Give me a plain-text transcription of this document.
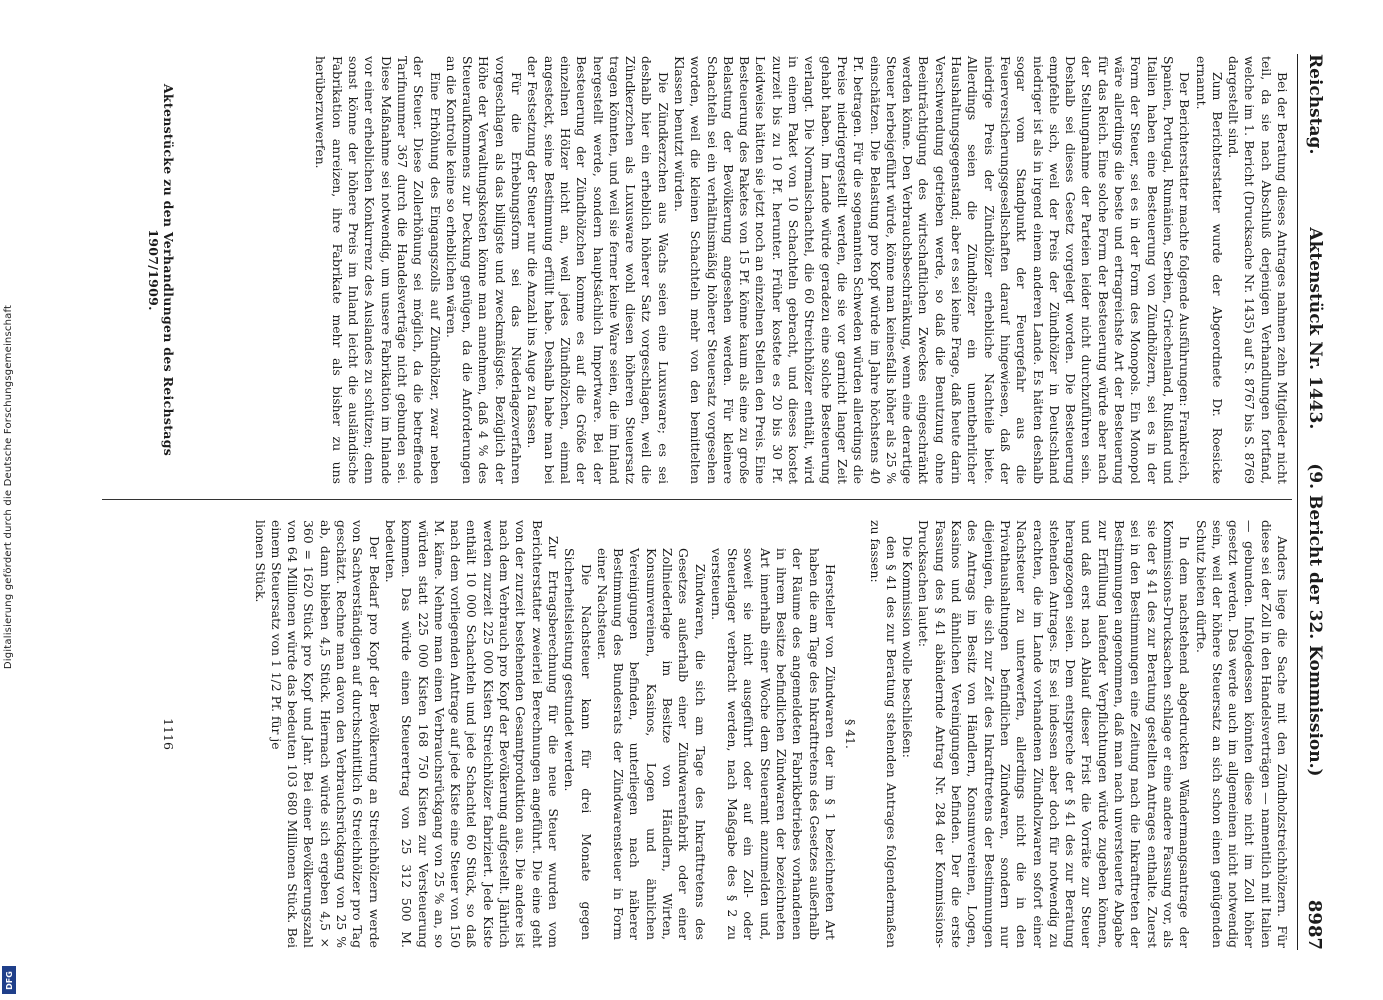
Digitalisierung gefördert durch die Deutsche Forschungsgemeinschaft
DFG
Reichstag.
Aktenstück Nr. 1443.(9. Bericht der 32. Kommission.)
8987

Bei der Beratung dieses Antrages nahmen zehn Mitglieder nicht teil, da sie nach Abschluß derjenigen Verhandlungen fortfand, welche im 1. Bericht (Drucksache Nr. 1435) auf S. 8767 bis S. 8769 dargestellt sind.

Zum Berichterstatter wurde der Abgeordnete Dr. Roesicke ernannt.

Der Berichterstatter machte folgende Ausführungen: Frankreich, Spanien, Portugal, Rumänien, Serbien, Griechenland, Rußland und Italien haben eine Besteuerung von Zündhölzern, sei es in der Form der Steuer, sei es in der Form des Monopols. Ein Monopol wäre allerdings die beste und ertragreichste Art der Besteuerung für das Reich. Eine solche Form der Besteuerung würde aber nach der Stellungnahme der Parteien leider nicht durchzuführen sein. Deshalb sei dieses Gesetz vorgelegt worden. Die Besteuerung empfehle sich, weil der Preis der Zündhölzer in Deutschland niedriger ist als in irgend einem anderen Lande. Es hätten deshalb sogar vom Standpunkt der Feuergefahr aus die Feuerversicherungsgesellschaften darauf hingewiesen, daß der niedrige Preis der Zündhölzer erhebliche Nachteile biete. Allerdings seien die Zündhölzer ein unentbehrlicher Haushaltungsgegenstand; aber es sei keine Frage, daß heute darin Verschwendung getrieben werde, so daß die Benutzung ohne Beeinträchtigung des wirtschaftlichen Zweckes eingeschränkt werden könne. Den Verbrauchsbeschränkung, wenn eine derartige Steuer herbeigeführt würde, könne man keinesfalls höher als 25 % einschätzen. Die Belastung pro Kopf würde im Jahre höchstens 40 Pf. betragen. Für die sogenannten Schweden würden allerdings die Preise niedrigergestellt werden, die sie vor garnicht langer Zeit gehabt haben. Im Lande würde geradezu eine solche Besteuerung verlangt. Die Normalschachtel, die 60 Streichhölzer enthält, wird in einem Paket von 10 Schachteln gebracht, und dieses kostet zurzeit bis zu 10 Pf. herunter. Früher kostete es 20 bis 30 Pf. Leidweise hätten sie jetzt noch an einzelnen Stellen den Preis. Eine Besteuerung des Paketes von 15 Pf. könne kaum als eine zu große Belastung der Bevölkerung angesehen werden. Für kleinere Schachteln sei ein verhältnismäßig höherer Steuersatz vorgesehen worden, weil die kleinen Schachteln mehr von den bemittelten Klassen benutzt würden.

Die Zündkerzchen aus Wachs seien eine Luxusware; es sei deshalb hier ein erheblich höherer Satz vorgeschlagen, weil die Zündkerzchen als Luxusware wohl diesen höheren Steuersatz tragen könnten, und weil sie ferner keine Ware seien, die im Inland hergestellt werde, sondern hauptsächlich Importware. Bei der Besteuerung der Zündhölzchen komme es auf die Größe der einzelnen Hölzer nicht an, weil jedes Zündhölzchen, einmal angesteckt, seine Bestimmung erfüllt habe. Deshalb habe man bei der Festsetzung der Steuer nur die Anzahl ins Auge zu fassen.

Für die Erhebungsform sei das Niederlagezverfahren vorgeschlagen als das billigste und zweckmäßigste. Bezüglich der Höhe der Verwaltungskosten könne man annehmen, daß 4 % des Steueraufkommens zur Deckung genügen, da die Anforderungen an die Kontrolle keine so erheblichen wären.

Eine Erhöhung des Eingangszolls auf Zündhölzer, zwar neben der Steuer. Diese Zollerhöhung sei möglich, da die betreffende Tarifnummer 367 durch die Handelsverträge nicht gebunden sei. Diese Maßnahme sei notwendig, um unsere Fabrikation im Inlande vor einer erheblichen Konkurrenz des Auslandes zu schützen; denn sonst könne der höhere Preis im Inland leicht die ausländische Fabrikation anreizen, ihre Fabrikate mehr als bisher zu uns herüberzuwerfen.

Aktenstücke zu den Verhandlungen des Reichstags 1907/1909.

Anders liege die Sache mit den Zündholzstreichhölzern. Für diese sei der Zoll in den Handelsverträgen — namentlich mit Italien — gebunden. Infolgedessen könnten diese nicht im Zoll höher gesetzt werden. Das werde auch im allgemeinen nicht notwendig sein, weil der höhere Steuersatz an sich schon einen genügenden Schutz bieten dürfte.

In dem nachstehend abgedruckten Wändermangsantrage der Kommissions-Drucksachen schlage er eine andere Fassung vor, als sie der § 41 des zur Beratung gestellten Antrages enthalte. Zuerst sei in den Bestimmungen eine Zeitung nach die Inkrafttreten der Bestimmungen angenommen, daß man nach unversteuerte Abgabe zur Erfüllung laufender Verpflichtungen würde zugeben können, und daß erst nach Ablauf dieser Frist die Vorräte zur Steuer herangezogen seien. Dem entspreche der § 41 des zur Beratung stehenden Antrages. Es sei indessen aber doch für notwendig zu erachten, die im Lande vorhandenen Zündholzwaren sofort einer Nachsteuer zu unterwerfen, allerdings nicht die in den Privathaushaltungen befindlichen Zündwaren, sondern nur diejenigen, die sich zur Zeit des Inkrafttretens der Bestimmungen des Antrags im Besitz von Händlern, Konsumvereinen, Logen, Kasinos und ähnlichen Vereinigungen befinden. Der die erste Fassung des § 41 abändernde Antrag Nr. 284 der Kommissions-Drucksachen lautet:

Die Kommission wolle beschließen:

den § 41 des zur Beratung stehenden Antrages folgendermaßen zu fassen:

§ 41.

Hersteller von Zündwaren der im § 1 bezeichneten Art haben die am Tage des Inkrafttretens des Gesetzes außerhalb der Räume des angemeldeten Fabrikbetriebes vorhandenen in ihrem Besitze befindlichen Zündwaren der bezeichneten Art innerhalb einer Woche dem Steueramt anzumelden und, soweit sie nicht ausgeführt oder auf ein Zoll- oder Steuerlager verbracht werden, nach Maßgabe des § 2 zu versteuern.

Zündwaren, die sich am Tage des Inkrafttretens des Gesetzes außerhalb einer Zündwarenfabrik oder einer Zollniederlage im Besitze von Händlern, Wirten, Konsumvereinen, Kasinos, Logen und ähnlichen Vereinigungen befinden, unterliegen nach näherer Bestimmung des Bundesrats der Zündwarensteuer in Form einer Nachsteuer.

Die Nachsteuer kann für drei Monate gegen Sicherheitsleistung gestundet werden.

Zur Ertragsberechnung für die neue Steuer wurden vom Berichterstatter zweierlei Berechnungen angeführt. Die eine geht von der zurzeit bestehenden Gesamtproduktion aus. Die andere ist nach dem Verbrauch pro Kopf der Bevölkerung aufgestellt. Jährlich werden zurzeit 225 000 Kisten Streichhölzer fabriziert. Jede Kiste enthält 10 000 Schachteln und jede Schachtel 60 Stück, so daß nach dem vorliegenden Antrage auf jede Kiste eine Steuer von 150 M. käme. Nehme man einen Verbrauchsrückgang von 25 % an, so würden statt 225 000 Kisten 168 750 Kisten zur Versteuerung kommen. Das würde einen Steuerertrag von 25 312 500 M. bedeuten.

Der Bedarf pro Kopf der Bevölkerung an Streichhölzern werde von Sachverständigen auf durchschnittlich 6 Streichhölzer pro Tag geschätzt. Rechne man davon den Verbrauchsrückgang von 25 % ab, dann blieben 4,5 Stück. Hiernach würde sich ergeben 4,5 × 360 = 1620 Stück pro Kopf und Jahr. Bei einer Bevölkerungszahl von 64 Millionen würde das bedeuten 103 680 Millionen Stück. Bei einem Steuersatz von 1 1/2 Pf. für je

lionen Stück.

1116
